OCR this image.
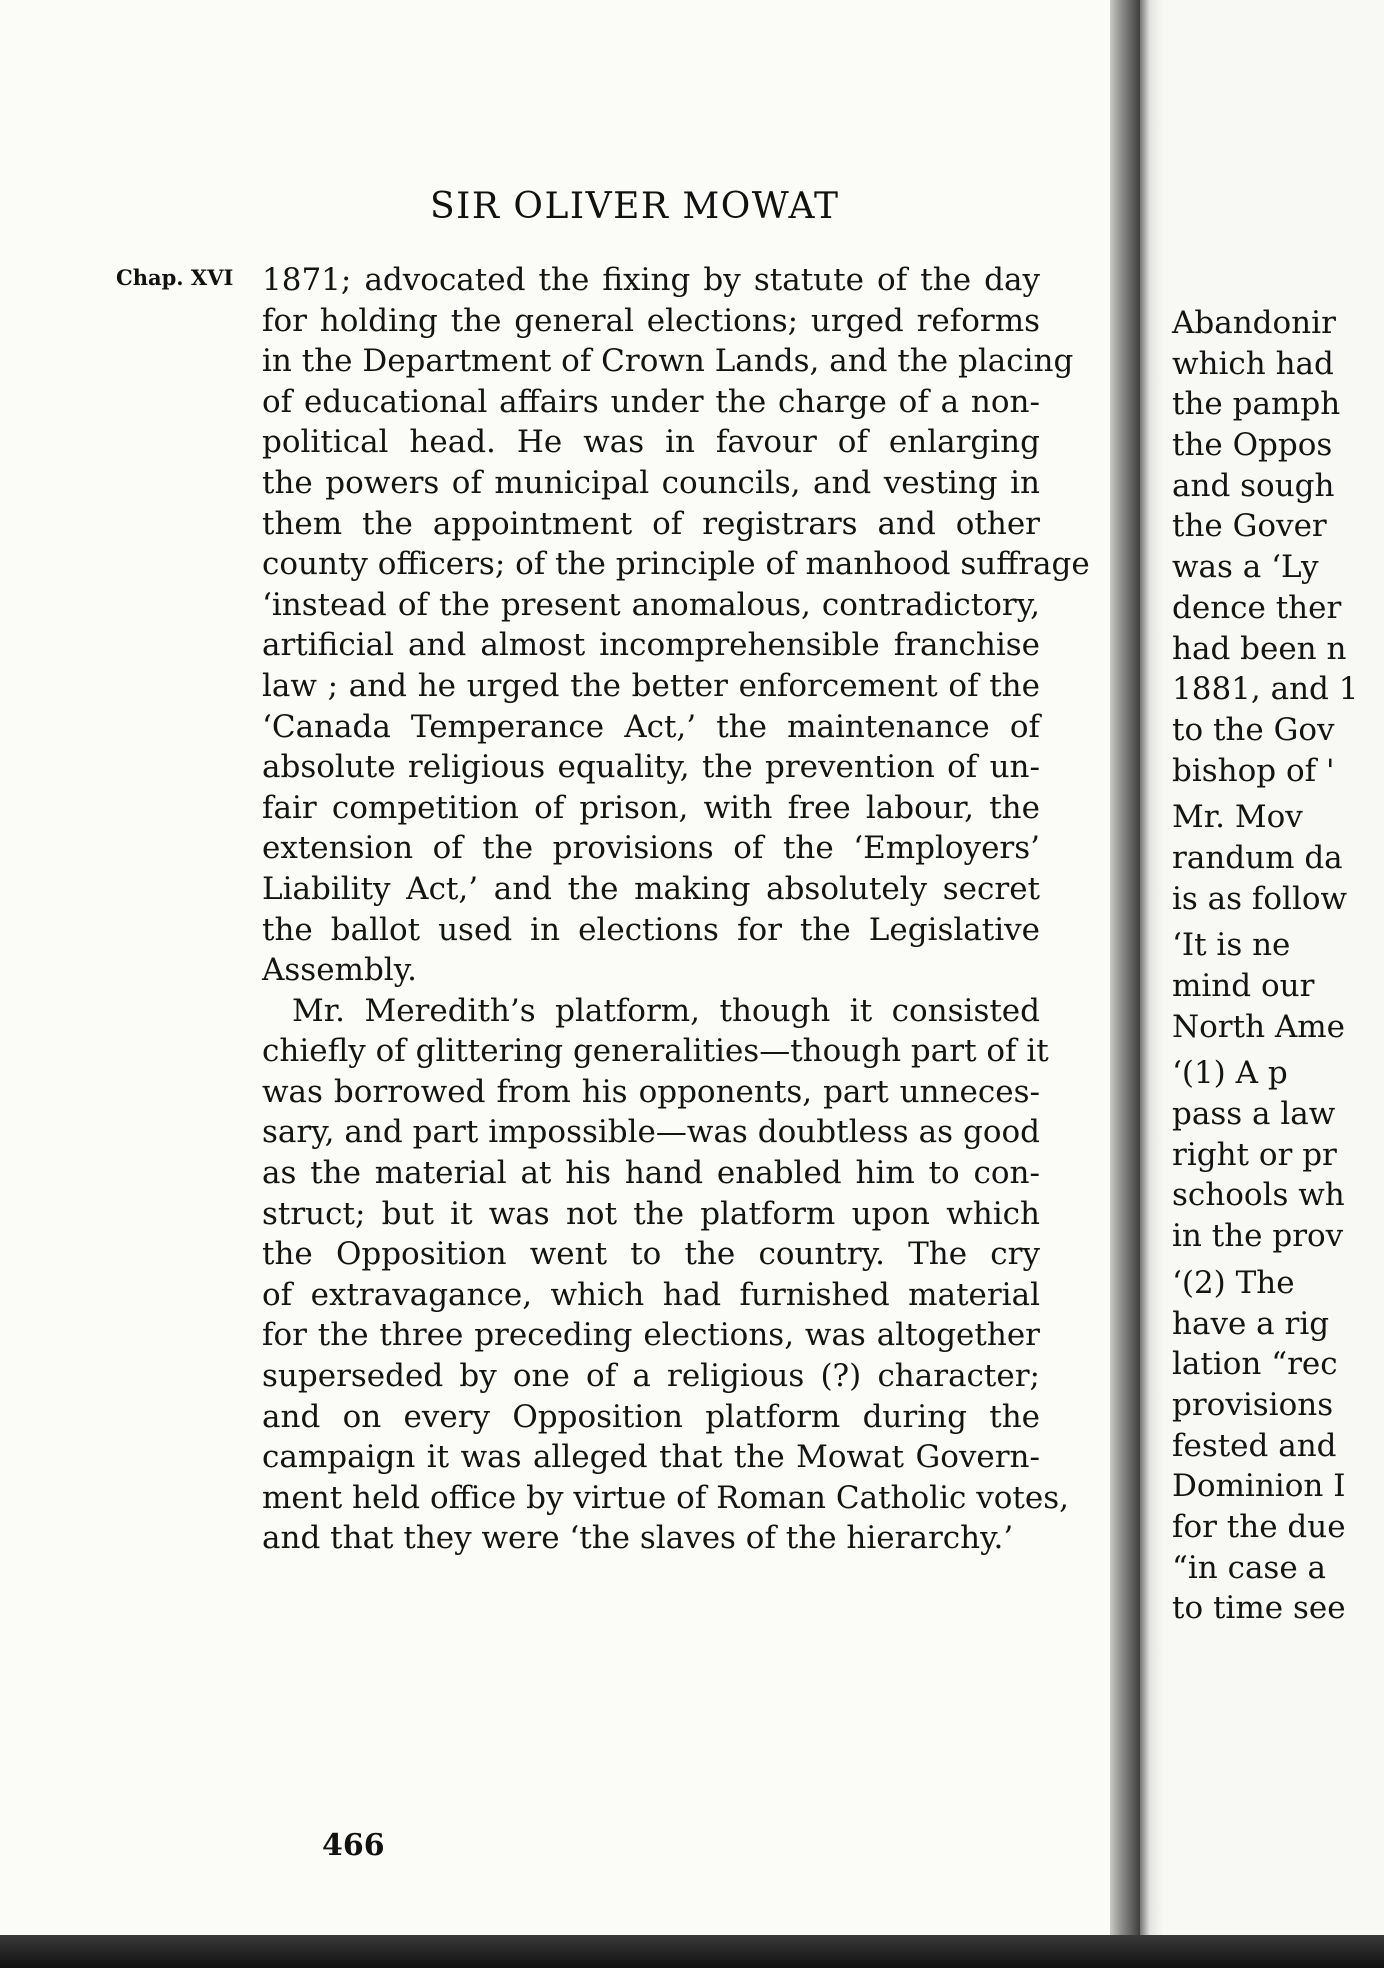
SIR OLIVER MOWAT
Chap. XVI 1871; advocated the fixing by statute of the day
for holding the general elections; urged reforms
in the Department of Crown Lands, and the placing
of educational affairs under the charge of a non-
political head. He was in favour of enlarging
the powers of municipal councils, and vesting in
them the appointment of registrars and other
county officers; of the principle of manhood suffrage
‘instead of the present anomalous, contradictory,
artificial and almost incomprehensible franchise
law ; and he urged the better enforcement of the
‘Canada Temperance Act,’ the maintenance of
absolute religious equality, the prevention of un-
fair competition of prison, with free labour, the
extension of the provisions of the ‘Employers’
Liability Act,’ and the making absolutely secret
the ballot used in elections for the Legislative
Assembly.
Mr. Meredith’s platform, though it consisted
chiefly of glittering generalities—though part of it
was borrowed from his opponents, part unneces-
sary, and part impossible—was doubtless as good
as the material at his hand enabled him to con-
struct; but it was not the platform upon which
the Opposition went to the country. The cry
of extravagance, which had furnished material
for the three preceding elections, was altogether
superseded by one of a religious (?) character;
and on every Opposition platform during the
campaign it was alleged that the Mowat Govern-
ment held office by virtue of Roman Catholic votes,
and that they were ‘the slaves of the hierarchy.’
466
Abandonir
which had
the pamph
the Oppos
and sough
the Gover
was a ‘Ly
dence ther
had been n
1881, and 1
to the Gov
bishop of '
Mr. Mov
randum da
is as follow
‘It is ne
mind our
North Ame
‘(1) A p
pass a law
right or pr
schools wh
in the prov
‘(2) The
have a rig
lation “rec
provisions
fested and
Dominion I
for the due
“in case a
to time see
